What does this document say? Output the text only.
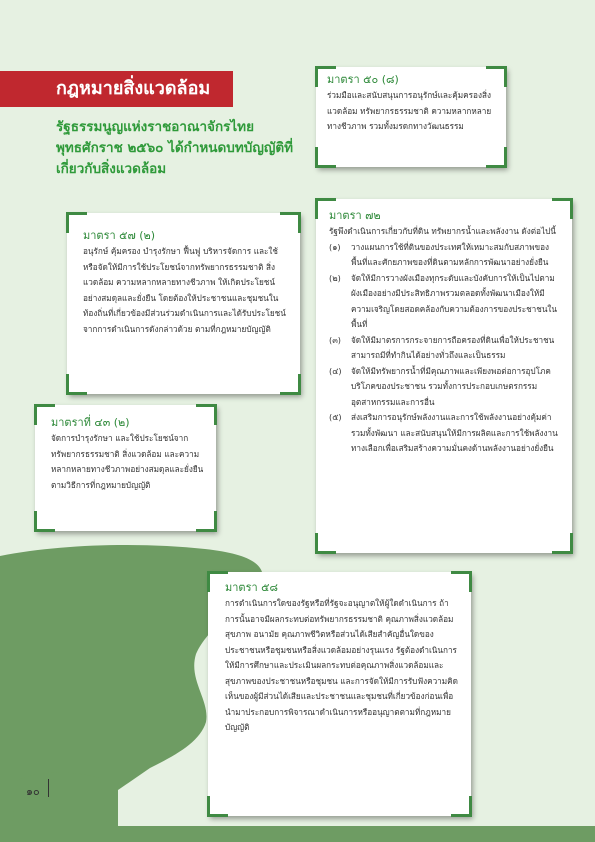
กฎหมายสิ่งแวดล้อม
รัฐธรรมนูญแห่งราชอาณาจักรไทย พุทธศักราช ๒๕๖๐ ได้กำหนดบทบัญญัติที่เกี่ยวกับสิ่งแวดล้อม
มาตรา ๕๐ (๘)

ร่วมมือและสนับสนุนการอนุรักษ์และคุ้มครองสิ่งแวดล้อม ทรัพยากรธรรมชาติ ความหลากหลายทางชีวภาพ รวมทั้งมรดกทางวัฒนธรรม

มาตรา ๕๗ (๒)

อนุรักษ์ คุ้มครอง บำรุงรักษา ฟื้นฟู บริหารจัดการ และใช้หรือจัดให้มีการใช้ประโยชน์จากทรัพยากรธรรมชาติ สิ่งแวดล้อม ความหลากหลายทางชีวภาพ ให้เกิดประโยชน์อย่างสมดุลและยั่งยืน โดยต้องให้ประชาชนและชุมชนในท้องถิ่นที่เกี่ยวข้องมีส่วนร่วมดำเนินการและได้รับประโยชน์จากการดำเนินการดังกล่าวด้วย ตามที่กฎหมายบัญญัติ

มาตรา ๗๒

รัฐพึงดำเนินการเกี่ยวกับที่ดิน ทรัพยากรน้ำและพลังงาน ดังต่อไปนี้

(๑) วางแผนการใช้ที่ดินของประเทศให้เหมาะสมกับสภาพของพื้นที่และศักยภาพของที่ดินตามหลักการพัฒนาอย่างยั่งยืน
(๒) จัดให้มีการวางผังเมืองทุกระดับและบังคับการให้เป็นไปตามผังเมืองอย่างมีประสิทธิภาพรวมตลอดทั้งพัฒนาเมืองให้มีความเจริญโดยสอดคล้องกับความต้องการของประชาชนในพื้นที่
(๓) จัดให้มีมาตรการกระจายการถือครองที่ดินเพื่อให้ประชาชนสามารถมีที่ทำกินได้อย่างทั่วถึงและเป็นธรรม
(๔) จัดให้มีทรัพยากรน้ำที่มีคุณภาพและเพียงพอต่อการอุปโภคบริโภคของประชาชน รวมทั้งการประกอบเกษตรกรรม อุตสาหกรรมและการอื่น
(๕) ส่งเสริมการอนุรักษ์พลังงานและการใช้พลังงานอย่างคุ้มค่า รวมทั้งพัฒนา และสนับสนุนให้มีการผลิตและการใช้พลังงานทางเลือกเพื่อเสริมสร้างความมั่นคงด้านพลังงานอย่างยั่งยืน
มาตราที่ ๔๓ (๒)

จัดการบำรุงรักษา และใช้ประโยชน์จากทรัพยากรธรรมชาติ สิ่งแวดล้อม และความหลากหลายทางชีวภาพอย่างสมดุลและยั่งยืนตามวิธีการที่กฎหมายบัญญัติ

มาตรา ๕๘

การดำเนินการใดของรัฐหรือที่รัฐจะอนุญาตให้ผู้ใดดำเนินการ ถ้าการนั้นอาจมีผลกระทบต่อทรัพยากรธรรมชาติ คุณภาพสิ่งแวดล้อม สุขภาพ อนามัย คุณภาพชีวิตหรือส่วนได้เสียสำคัญอื่นใดของประชาชนหรือชุมชนหรือสิ่งแวดล้อมอย่างรุนแรง รัฐต้องดำเนินการให้มีการศึกษาและประเมินผลกระทบต่อคุณภาพสิ่งแวดล้อมและสุขภาพของประชาชนหรือชุมชน และการจัดให้มีการรับฟังความคิดเห็นของผู้มีส่วนได้เสียและประชาชนและชุมชนที่เกี่ยวข้องก่อนเพื่อนำมาประกอบการพิจารณาดำเนินการหรืออนุญาตตามที่กฎหมายบัญญัติ

๑๐
